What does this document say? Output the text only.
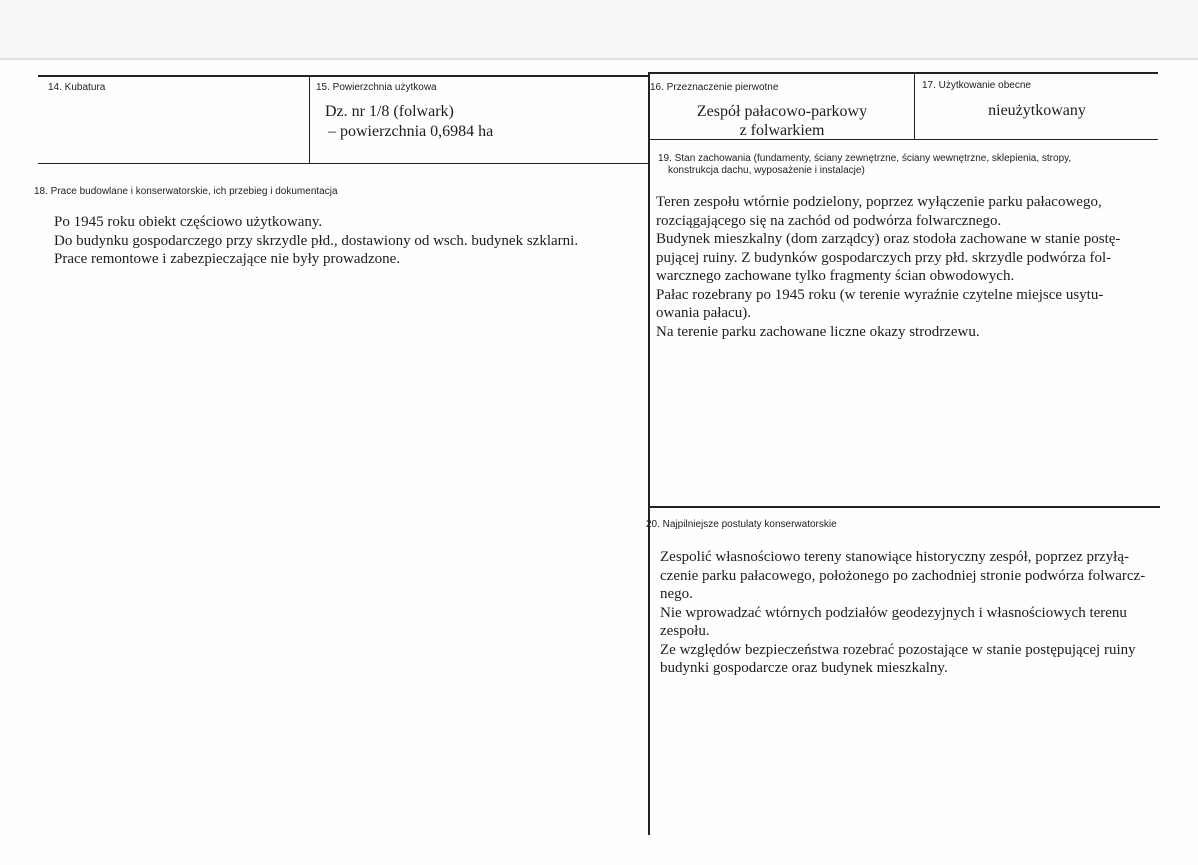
14. Kubatura	15. Powierzchnia użytkowa
Dz. nr 1/8 (folwark)
– powierzchnia 0,6984 ha
16. Przeznaczenie pierwotne
Zespół pałacowo-parkowy
z folwarkiem
17. Użytkowanie obecne
nieużytkowany
18. Prace budowlane i konserwatorskie, ich przebieg i dokumentacja
Po 1945 roku obiekt częściowo użytkowany.
Do budynku gospodarczego przy skrzydle płd., dostawiony od wsch. budynek szklarni.
Prace remontowe i zabezpieczające nie były prowadzone.
19. Stan zachowania (fundamenty, ściany zewnętrzne, ściany wewnętrzne, sklepienia, stropy,
konstrukcja dachu, wyposażenie i instalacje)
Teren zespołu wtórnie podzielony, poprzez wyłączenie parku pałacowego,
rozciągającego się na zachód od podwórza folwarcznego.
Budynek mieszkalny (dom zarządcy) oraz stodoła zachowane w stanie postę-
pującej ruiny. Z budynków gospodarczych przy płd. skrzydle podwórza fol-
warcznego zachowane tylko fragmenty ścian obwodowych.
Pałac rozebrany po 1945 roku (w terenie wyraźnie czytelne miejsce usytu-
owania pałacu).
Na terenie parku zachowane liczne okazy strodrzewu.
20. Najpilniejsze postulaty konserwatorskie
Zespolić własnościowo tereny stanowiące historyczny zespół, poprzez przyłą-
czenie parku pałacowego, położonego po zachodniej stronie podwórza folwarcz-
nego.
Nie wprowadzać wtórnych podziałów geodezyjnych i własnościowych terenu
zespołu.
Ze względów bezpieczeństwa rozebrać pozostające w stanie postępującej ruiny
budynki gospodarcze oraz budynek mieszkalny.
